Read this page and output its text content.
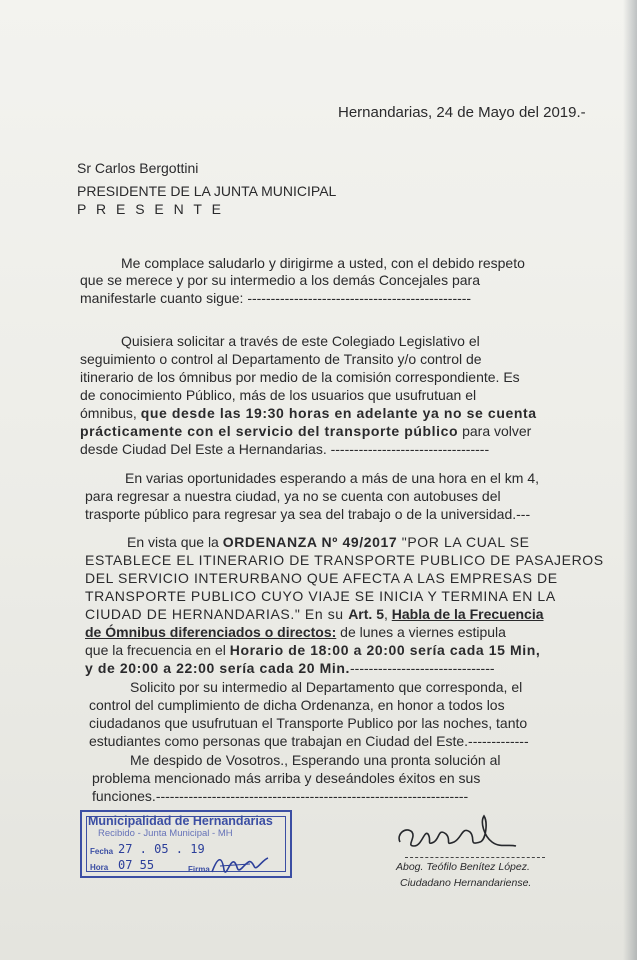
Hernandarias, 24 de Mayo del 2019.-
Sr Carlos Bergottini
PRESIDENTE DE LA JUNTA MUNICIPAL
P R E S E N T E
Me complace saludarlo y dirigirme a usted, con el debido respeto
que se merece y por su intermedio a los demás Concejales para
manifestarle cuanto sigue: ------------------------------------------------
Quisiera solicitar a través de este Colegiado Legislativo el
seguimiento o control al Departamento de Transito y/o control de
itinerario de los ómnibus por medio de la comisión correspondiente. Es
de conocimiento Público, más de los usuarios que usufrutuan el
ómnibus, que desde las 19:30 horas en adelante ya no se cuenta
prácticamente con el servicio del transporte público para volver
desde Ciudad Del Este a Hernandarias. ----------------------------------
En varias oportunidades esperando a más de una hora en el km 4,
para regresar a nuestra ciudad, ya no se cuenta con autobuses del
trasporte público para regresar ya sea del trabajo o de la universidad.---
En vista que la ORDENANZA Nº 49/2017 "POR LA CUAL SE
ESTABLECE EL ITINERARIO DE TRANSPORTE PUBLICO DE PASAJEROS
DEL SERVICIO INTERURBANO QUE AFECTA A LAS EMPRESAS DE
TRANSPORTE PUBLICO CUYO VIAJE SE INICIA Y TERMINA EN LA
CIUDAD DE HERNANDARIAS." En su Art. 5, Habla de la Frecuencia
de Ómnibus diferenciados o directos: de lunes a viernes estipula
que la frecuencia en el Horario de 18:00 a 20:00 sería cada 15 Min,
y de 20:00 a 22:00 sería cada 20 Min.-------------------------------
Solicito por su intermedio al Departamento que corresponda, el
control del cumplimiento de dicha Ordenanza, en honor a todos los
ciudadanos que usufrutuan el Transporte Publico por las noches, tanto
estudiantes como personas que trabajan en Ciudad del Este.-------------
Me despido de Vosotros., Esperando una pronta solución al
problema mencionado más arriba y deseándoles éxitos en sus
funciones.-------------------------------------------------------------------
Municipalidad de Hernandarias
Recibido - Junta Municipal - MH
Fecha 27 . 05 . 19
Hora 07 55	Firma	Abog. Teófilo Benítez López.
Ciudadano Hernandariense.
